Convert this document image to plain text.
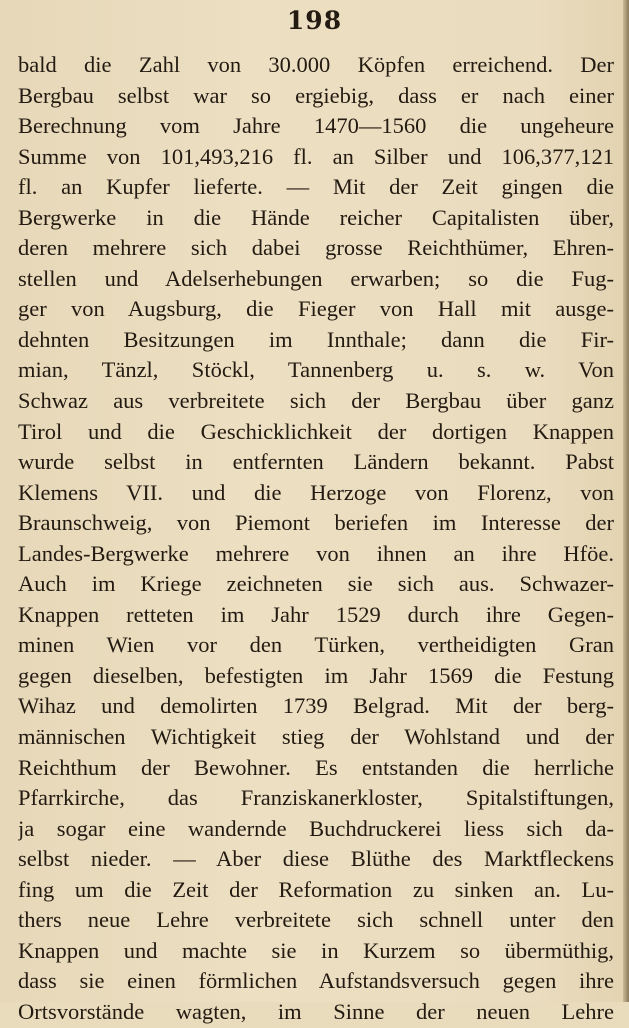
198

bald die Zahl von 30.000 Köpfen erreichend. Der
Bergbau selbst war so ergiebig, dass er nach einer
Berechnung vom Jahre 1470—1560 die ungeheure
Summe von 101,493,216 fl. an Silber und 106,377,121
fl. an Kupfer lieferte. — Mit der Zeit gingen die
Bergwerke in die Hände reicher Capitalisten über,
deren mehrere sich dabei grosse Reichthümer, Ehren-
stellen und Adelserhebungen erwarben; so die Fug-
ger von Augsburg, die Fieger von Hall mit ausge-
dehnten Besitzungen im Innthale; dann die Fir-
mian, Tänzl, Stöckl, Tannenberg u. s. w. Von
Schwaz aus verbreitete sich der Bergbau über ganz
Tirol und die Geschicklichkeit der dortigen Knappen
wurde selbst in entfernten Ländern bekannt. Pabst
Klemens VII. und die Herzoge von Florenz, von
Braunschweig, von Piemont beriefen im Interesse der
Landes-Bergwerke mehrere von ihnen an ihre Hföe.
Auch im Kriege zeichneten sie sich aus. Schwazer-
Knappen retteten im Jahr 1529 durch ihre Gegen-
minen Wien vor den Türken, vertheidigten Gran
gegen dieselben, befestigten im Jahr 1569 die Festung
Wihaz und demolirten 1739 Belgrad. Mit der berg-
männischen Wichtigkeit stieg der Wohlstand und der
Reichthum der Bewohner. Es entstanden die herrliche
Pfarrkirche, das Franziskanerkloster, Spitalstiftungen,
ja sogar eine wandernde Buchdruckerei liess sich da-
selbst nieder. — Aber diese Blüthe des Marktfleckens
fing um die Zeit der Reformation zu sinken an. Lu-
thers neue Lehre verbreitete sich schnell unter den
Knappen und machte sie in Kurzem so übermüthig,
dass sie einen förmlichen Aufstandsversuch gegen ihre
Ortsvorstände wagten, im Sinne der neuen Lehre
